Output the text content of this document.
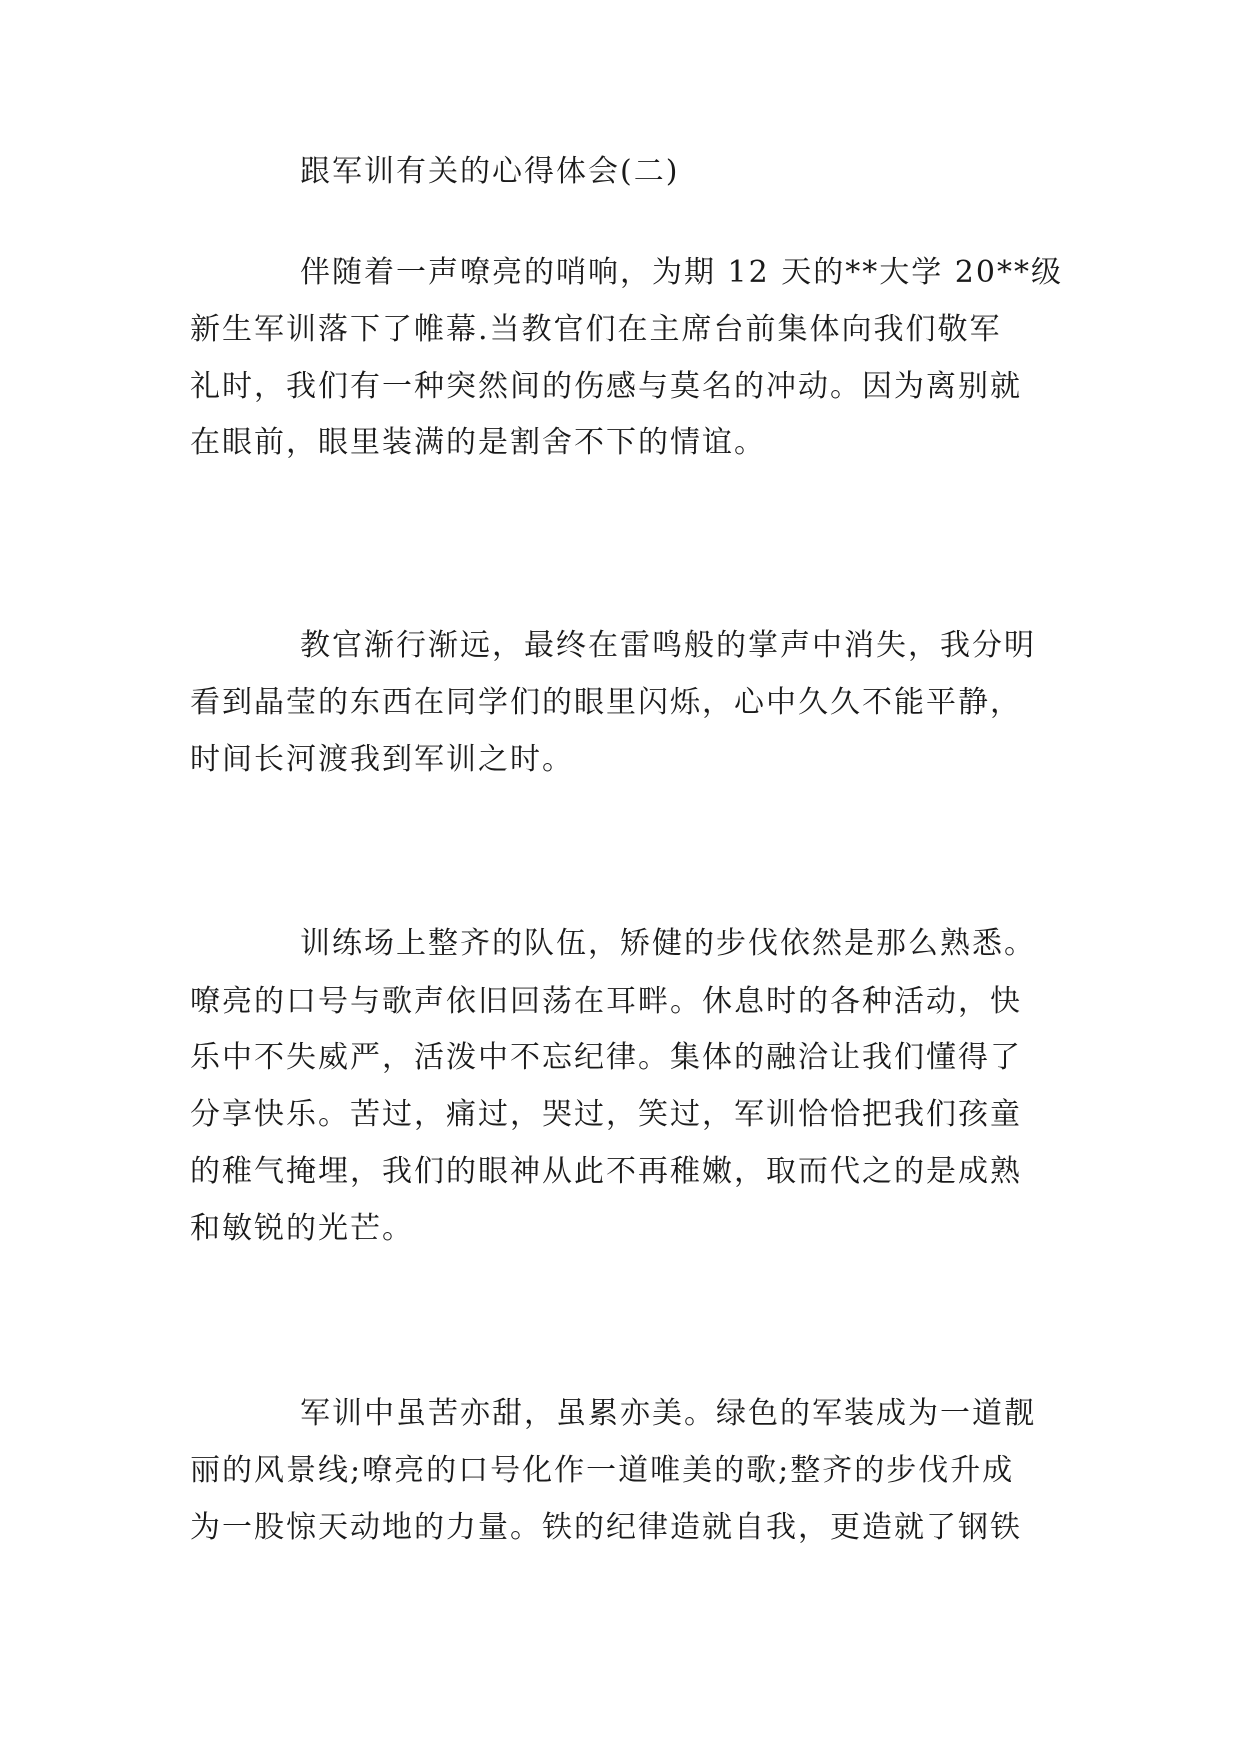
跟军训有关的心得体会(二)
伴随着一声嘹亮的哨响，为期 12 天的**大学 20**级
新生军训落下了帷幕.当教官们在主席台前集体向我们敬军
礼时，我们有一种突然间的伤感与莫名的冲动。因为离别就
在眼前，眼里装满的是割舍不下的情谊。
教官渐行渐远，最终在雷鸣般的掌声中消失，我分明
看到晶莹的东西在同学们的眼里闪烁，心中久久不能平静，
时间长河渡我到军训之时。
训练场上整齐的队伍，矫健的步伐依然是那么熟悉。
嘹亮的口号与歌声依旧回荡在耳畔。休息时的各种活动，快
乐中不失威严，活泼中不忘纪律。集体的融洽让我们懂得了
分享快乐。苦过，痛过，哭过，笑过，军训恰恰把我们孩童
的稚气掩埋，我们的眼神从此不再稚嫩，取而代之的是成熟
和敏锐的光芒。
军训中虽苦亦甜，虽累亦美。绿色的军装成为一道靓
丽的风景线;嘹亮的口号化作一道唯美的歌;整齐的步伐升成
为一股惊天动地的力量。铁的纪律造就自我，更造就了钢铁
